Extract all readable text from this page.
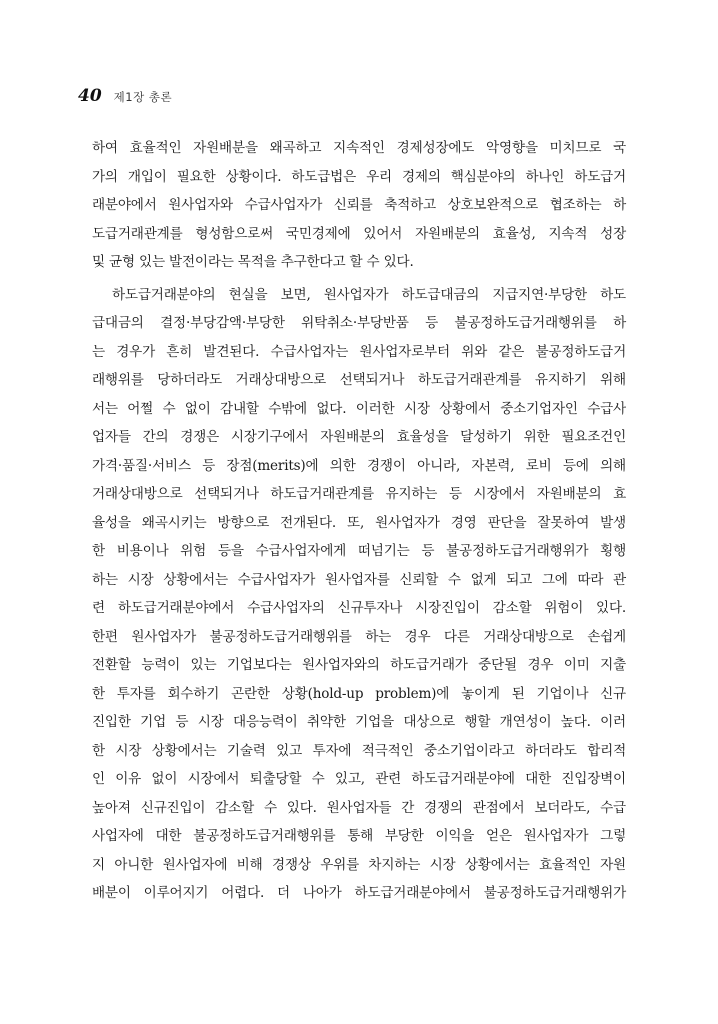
40 제1장 총론
하여 효율적인 자원배분을 왜곡하고 지속적인 경제성장에도 악영향을 미치므로 국
가의 개입이 필요한 상황이다. 하도급법은 우리 경제의 핵심분야의 하나인 하도급거
래분야에서 원사업자와 수급사업자가 신뢰를 축적하고 상호보완적으로 협조하는 하
도급거래관계를 형성함으로써 국민경제에 있어서 자원배분의 효율성, 지속적 성장
및 균형 있는 발전이라는 목적을 추구한다고 할 수 있다.
하도급거래분야의 현실을 보면, 원사업자가 하도급대금의 지급지연·부당한 하도
급대금의 결정·부당감액·부당한 위탁취소·부당반품 등 불공정하도급거래행위를 하
는 경우가 흔히 발견된다. 수급사업자는 원사업자로부터 위와 같은 불공정하도급거
래행위를 당하더라도 거래상대방으로 선택되거나 하도급거래관계를 유지하기 위해
서는 어쩔 수 없이 감내할 수밖에 없다. 이러한 시장 상황에서 중소기업자인 수급사
업자들 간의 경쟁은 시장기구에서 자원배분의 효율성을 달성하기 위한 필요조건인
가격·품질·서비스 등 장점(merits)에 의한 경쟁이 아니라, 자본력, 로비 등에 의해
거래상대방으로 선택되거나 하도급거래관계를 유지하는 등 시장에서 자원배분의 효
율성을 왜곡시키는 방향으로 전개된다. 또, 원사업자가 경영 판단을 잘못하여 발생
한 비용이나 위험 등을 수급사업자에게 떠넘기는 등 불공정하도급거래행위가 횡행
하는 시장 상황에서는 수급사업자가 원사업자를 신뢰할 수 없게 되고 그에 따라 관
련 하도급거래분야에서 수급사업자의 신규투자나 시장진입이 감소할 위험이 있다.
한편 원사업자가 불공정하도급거래행위를 하는 경우 다른 거래상대방으로 손쉽게
전환할 능력이 있는 기업보다는 원사업자와의 하도급거래가 중단될 경우 이미 지출
한 투자를 회수하기 곤란한 상황(hold-up problem)에 놓이게 된 기업이나 신규
진입한 기업 등 시장 대응능력이 취약한 기업을 대상으로 행할 개연성이 높다. 이러
한 시장 상황에서는 기술력 있고 투자에 적극적인 중소기업이라고 하더라도 합리적
인 이유 없이 시장에서 퇴출당할 수 있고, 관련 하도급거래분야에 대한 진입장벽이
높아져 신규진입이 감소할 수 있다. 원사업자들 간 경쟁의 관점에서 보더라도, 수급
사업자에 대한 불공정하도급거래행위를 통해 부당한 이익을 얻은 원사업자가 그렇
지 아니한 원사업자에 비해 경쟁상 우위를 차지하는 시장 상황에서는 효율적인 자원
배분이 이루어지기 어렵다. 더 나아가 하도급거래분야에서 불공정하도급거래행위가
